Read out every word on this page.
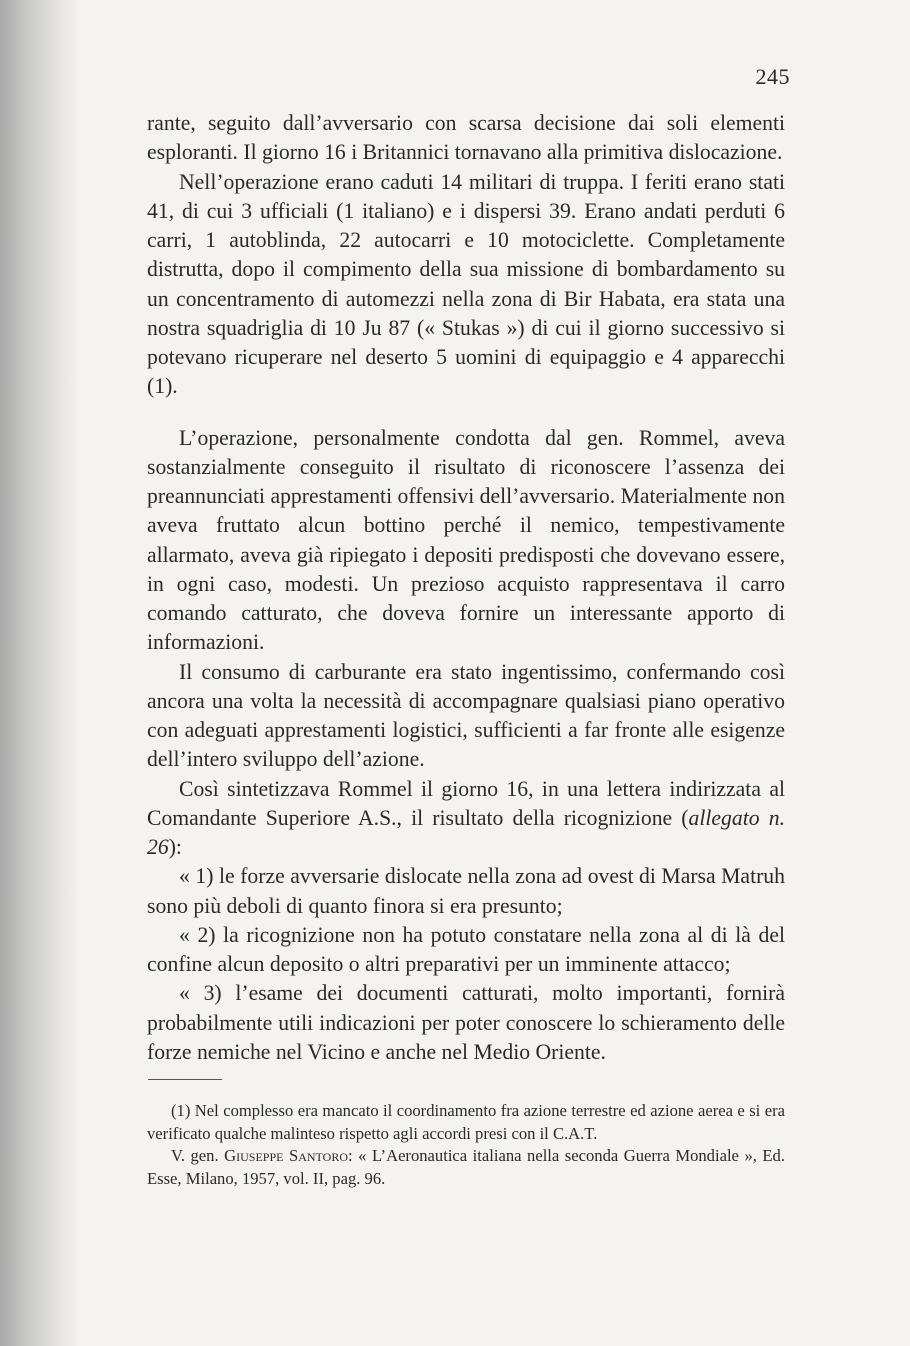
245

rante, seguito dall’avversario con scarsa decisione dai soli elementi esploranti. Il giorno 16 i Britannici tornavano alla primitiva dislocazione.

Nell’operazione erano caduti 14 militari di truppa. I feriti erano stati 41, di cui 3 ufficiali (1 italiano) e i dispersi 39. Erano andati perduti 6 carri, 1 autoblinda, 22 autocarri e 10 motociclette. Completamente distrutta, dopo il compimento della sua missione di bombardamento su un concentramento di automezzi nella zona di Bir Habata, era stata una nostra squadriglia di 10 Ju 87 (« Stukas ») di cui il giorno successivo si potevano ricuperare nel deserto 5 uomini di equipaggio e 4 apparecchi (1).

L’operazione, personalmente condotta dal gen. Rommel, aveva sostanzialmente conseguito il risultato di riconoscere l’assenza dei preannunciati apprestamenti offensivi dell’avversario. Materialmente non aveva fruttato alcun bottino perché il nemico, tempestivamente allarmato, aveva già ripiegato i depositi predisposti che dovevano essere, in ogni caso, modesti. Un prezioso acquisto rappresentava il carro comando catturato, che doveva fornire un interessante apporto di informazioni.

Il consumo di carburante era stato ingentissimo, confermando così ancora una volta la necessità di accompagnare qualsiasi piano operativo con adeguati apprestamenti logistici, sufficienti a far fronte alle esigenze dell’intero sviluppo dell’azione.

Così sintetizzava Rommel il giorno 16, in una lettera indirizzata al Comandante Superiore A.S., il risultato della ricognizione (allegato n. 26):

« 1) le forze avversarie dislocate nella zona ad ovest di Marsa Matruh sono più deboli di quanto finora si era presunto;

« 2) la ricognizione non ha potuto constatare nella zona al di là del confine alcun deposito o altri preparativi per un imminente attacco;

« 3) l’esame dei documenti catturati, molto importanti, fornirà probabilmente utili indicazioni per poter conoscere lo schieramento delle forze nemiche nel Vicino e anche nel Medio Oriente.

(1) Nel complesso era mancato il coordinamento fra azione terrestre ed azione aerea e si era verificato qualche malinteso rispetto agli accordi presi con il C.A.T.

V. gen. Giuseppe Santoro: « L’Aeronautica italiana nella seconda Guerra Mondiale », Ed. Esse, Milano, 1957, vol. II, pag. 96.
